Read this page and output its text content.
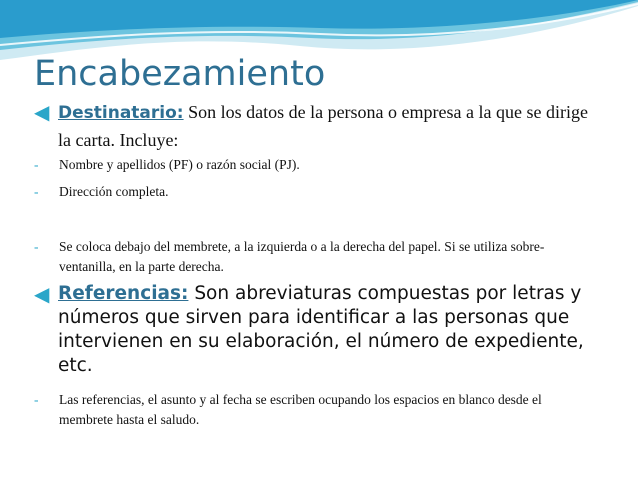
Encabezamiento
◀ Destinatario: Son los datos de la persona o empresa a la que se dirige la carta. Incluye:
-	Nombre y apellidos (PF) o razón social (PJ).
-	Dirección completa.
-	Se coloca debajo del membrete, a la izquierda o a la derecha del papel. Si se utiliza sobre-ventanilla, en la parte derecha.
◀ Referencias: Son abreviaturas compuestas por letras y números que sirven para identificar a las personas que intervienen en su elaboración, el número de expediente, etc.
-	Las referencias, el asunto y al fecha se escriben ocupando los espacios en blanco desde el membrete hasta el saludo.
